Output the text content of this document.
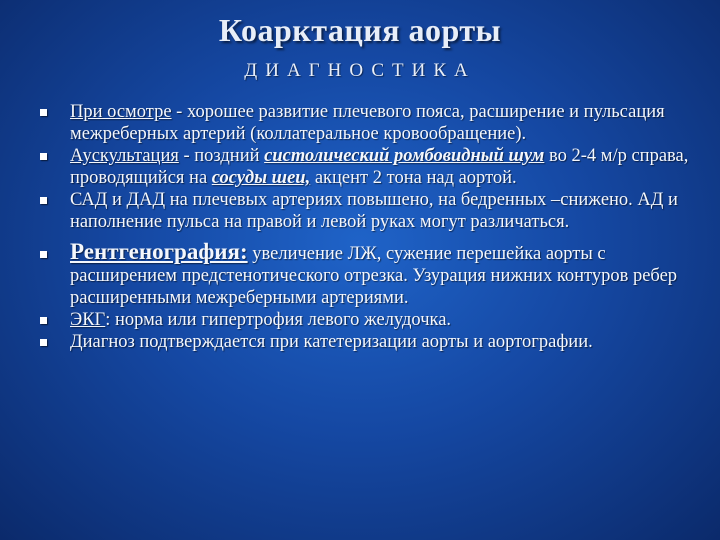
Коарктация аорты
ДИАГНОСТИКА
При осмотре - хорошее развитие плечевого пояса, расширение и пульсация межреберных артерий (коллатеральное кровообращение).
Аускультация - поздний систолический ромбовидный шум во 2-4 м/р справа, проводящийся на сосуды шеи, акцент 2 тона над аортой.
САД и ДАД на плечевых артериях повышено, на бедренных –снижено. АД и наполнение пульса на правой и левой руках могут различаться.
Рентгенография: увеличение ЛЖ, сужение перешейка аорты с расширением предстенотического отрезка. Узурация нижних контуров ребер расширенными межреберными артериями.
ЭКГ: норма или гипертрофия левого желудочка.
Диагноз подтверждается при катетеризации аорты и аортографии.
